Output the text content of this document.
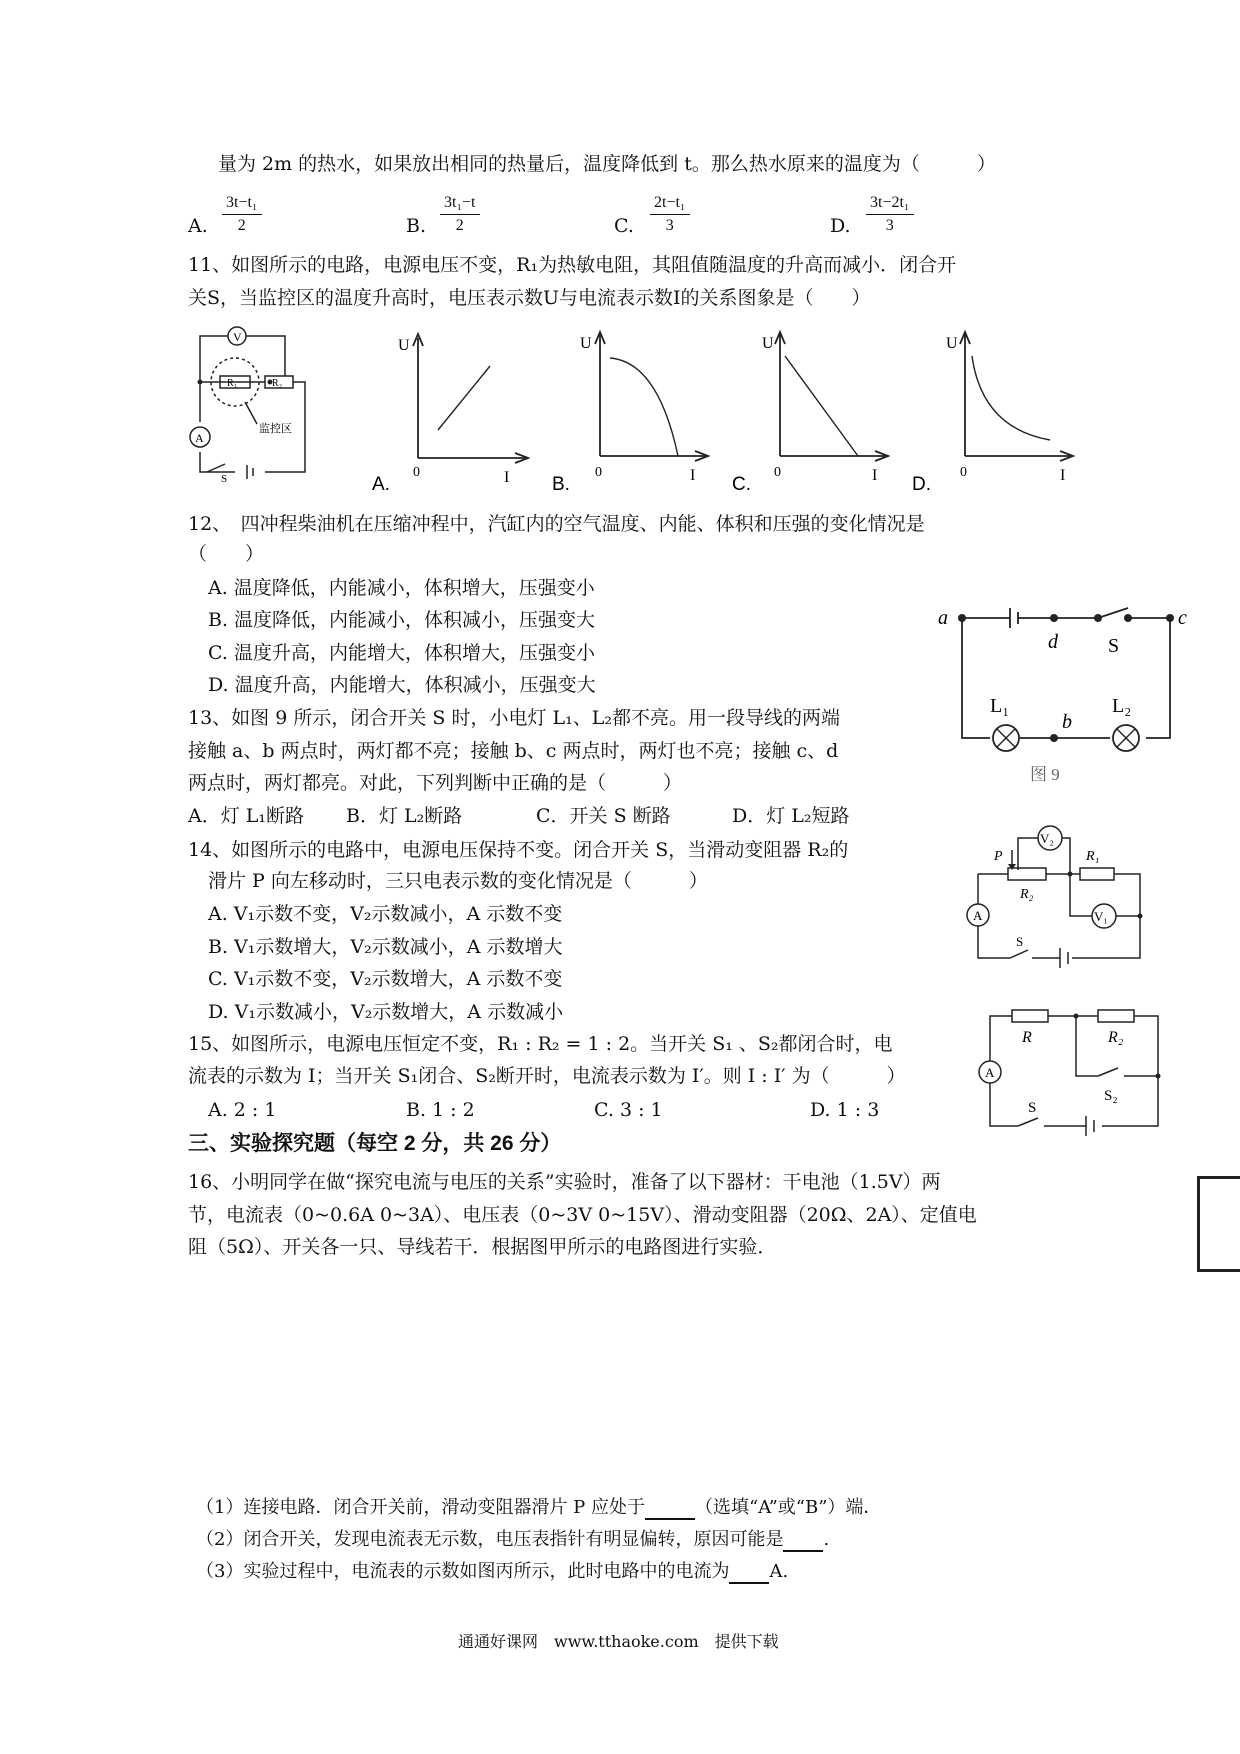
量为 2m 的热水，如果放出相同的热量后，温度降低到 t。那么热水原来的温度为（　　　）
A. $\frac{\text{3t−t₁}}{2}$	B. $\frac{\text{3t₁−t}}{2}$	C. $\frac{\text{2t−t₁}}{3}$	D. $\frac{\text{3t−2t₁}}{3}$
11、如图所示的电路，电源电压不变，R₁为热敏电阻，其阻值随温度的升高而减小．闭合开
关S，当监控区的温度升高时，电压表示数U与电流表示数I的关系图象是（　　）
V
A
R₁	R₂
监控区
S
U
0	I
A.
U
0	I
B.
U
0	I
C.
U
0	I
D.
12、　四冲程柴油机在压缩冲程中，汽缸内的空气温度、内能、体积和压强的变化情况是
（　　）
A. 温度降低，内能减小，体积增大，压强变小
B. 温度降低，内能减小，体积减小，压强变大
C. 温度升高，内能增大，体积增大，压强变小
D. 温度升高，内能增大，体积减小，压强变大
a
d
c
S
L₁	L₂
b
图 9
13、如图 9 所示，闭合开关 S 时，小电灯 L₁、L₂都不亮。用一段导线的两端
接触 a、b 两点时，两灯都不亮；接触 b、c 两点时，两灯也不亮；接触 c、d
两点时，两灯都亮。对此，下列判断中正确的是（　　　）
A．灯 L₁断路 B．灯 L₂断路	C．开关 S 断路	D．灯 L₂短路
14、如图所示的电路中，电源电压保持不变。闭合开关 S，当滑动变阻器 R₂的
滑片 P 向左移动时，三只电表示数的变化情况是（　　　）
A. V₁示数不变，V₂示数减小，A 示数不变
B. V₁示数增大，V₂示数减小，A 示数增大
C. V₁示数不变，V₂示数增大，A 示数不变
D. V₁示数减小，V₂示数增大，A 示数减小
V₂
V₁
A
P	R₁
R₂
S
15、如图所示，电源电压恒定不变，R₁ : R₂ = 1 : 2。当开关 S₁ 、S₂都闭合时，电
流表的示数为 I；当开关 S₁闭合、S₂断开时，电流表示数为 I′。则 I : I′ 为（　　　）
A. 2 : 1	B. 1 : 2	C. 3 : 1	D. 1 : 3
A
R	R₂
S
S₂
三、实验探究题（每空 2 分，共 26 分）
16、小明同学在做“探究电流与电压的关系”实验时，准备了以下器材：干电池（1.5V）两
节，电流表（0~0.6A 0~3A）、电压表（0~3V 0~15V）、滑动变阻器（20Ω、2A）、定值电
阻（5Ω）、开关各一只、导线若干．根据图甲所示的电路图进行实验．
（1）连接电路．闭合开关前，滑动变阻器滑片 P 应处于	（选填“A”或“B”）端．
（2）闭合开关，发现电流表无示数，电压表指针有明显偏转，原因可能是 .
（3）实验过程中，电流表的示数如图丙所示，此时电路中的电流为 A.
通通好课网　www.tthaoke.com　提供下载
